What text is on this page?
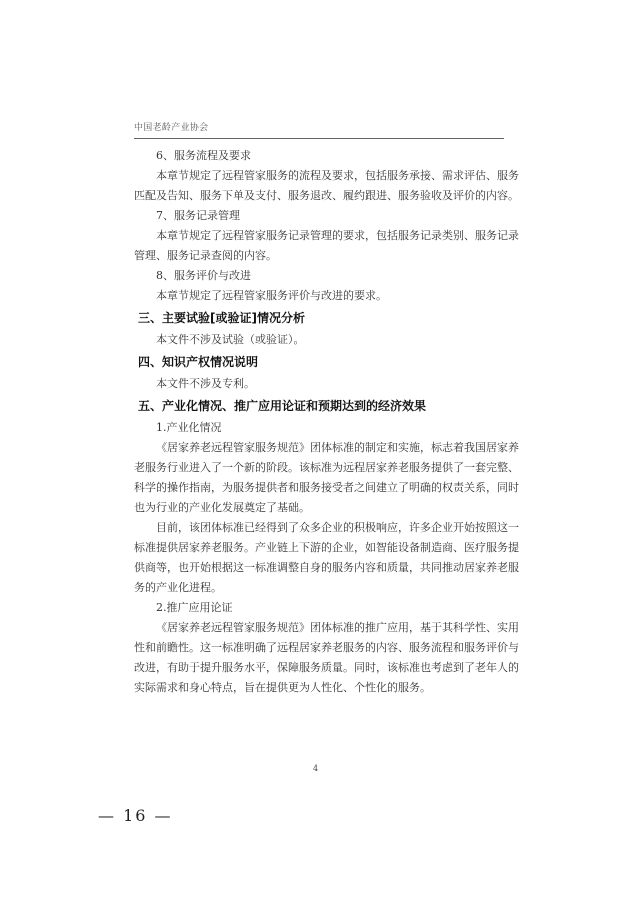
中国老龄产业协会
6、服务流程及要求
本章节规定了远程管家服务的流程及要求，包括服务承接、需求评估、服务
匹配及告知、服务下单及支付、服务退改、履约跟进、服务验收及评价的内容。
7、服务记录管理
本章节规定了远程管家服务记录管理的要求，包括服务记录类别、服务记录
管理、服务记录查阅的内容。
8、服务评价与改进
本章节规定了远程管家服务评价与改进的要求。
三、主要试验[或验证]情况分析
本文件不涉及试验（或验证）。
四、知识产权情况说明
本文件不涉及专利。
五、产业化情况、推广应用论证和预期达到的经济效果
1.产业化情况
《居家养老远程管家服务规范》团体标准的制定和实施，标志着我国居家养
老服务行业进入了一个新的阶段。该标准为远程居家养老服务提供了一套完整、
科学的操作指南，为服务提供者和服务接受者之间建立了明确的权责关系，同时
也为行业的产业化发展奠定了基础。
目前，该团体标准已经得到了众多企业的积极响应，许多企业开始按照这一
标准提供居家养老服务。产业链上下游的企业，如智能设备制造商、医疗服务提
供商等，也开始根据这一标准调整自身的服务内容和质量，共同推动居家养老服
务的产业化进程。
2.推广应用论证
《居家养老远程管家服务规范》团体标准的推广应用，基于其科学性、实用
性和前瞻性。这一标准明确了远程居家养老服务的内容、服务流程和服务评价与
改进，有助于提升服务水平，保障服务质量。同时，该标准也考虑到了老年人的
实际需求和身心特点，旨在提供更为人性化、个性化的服务。
4
— 16 —
